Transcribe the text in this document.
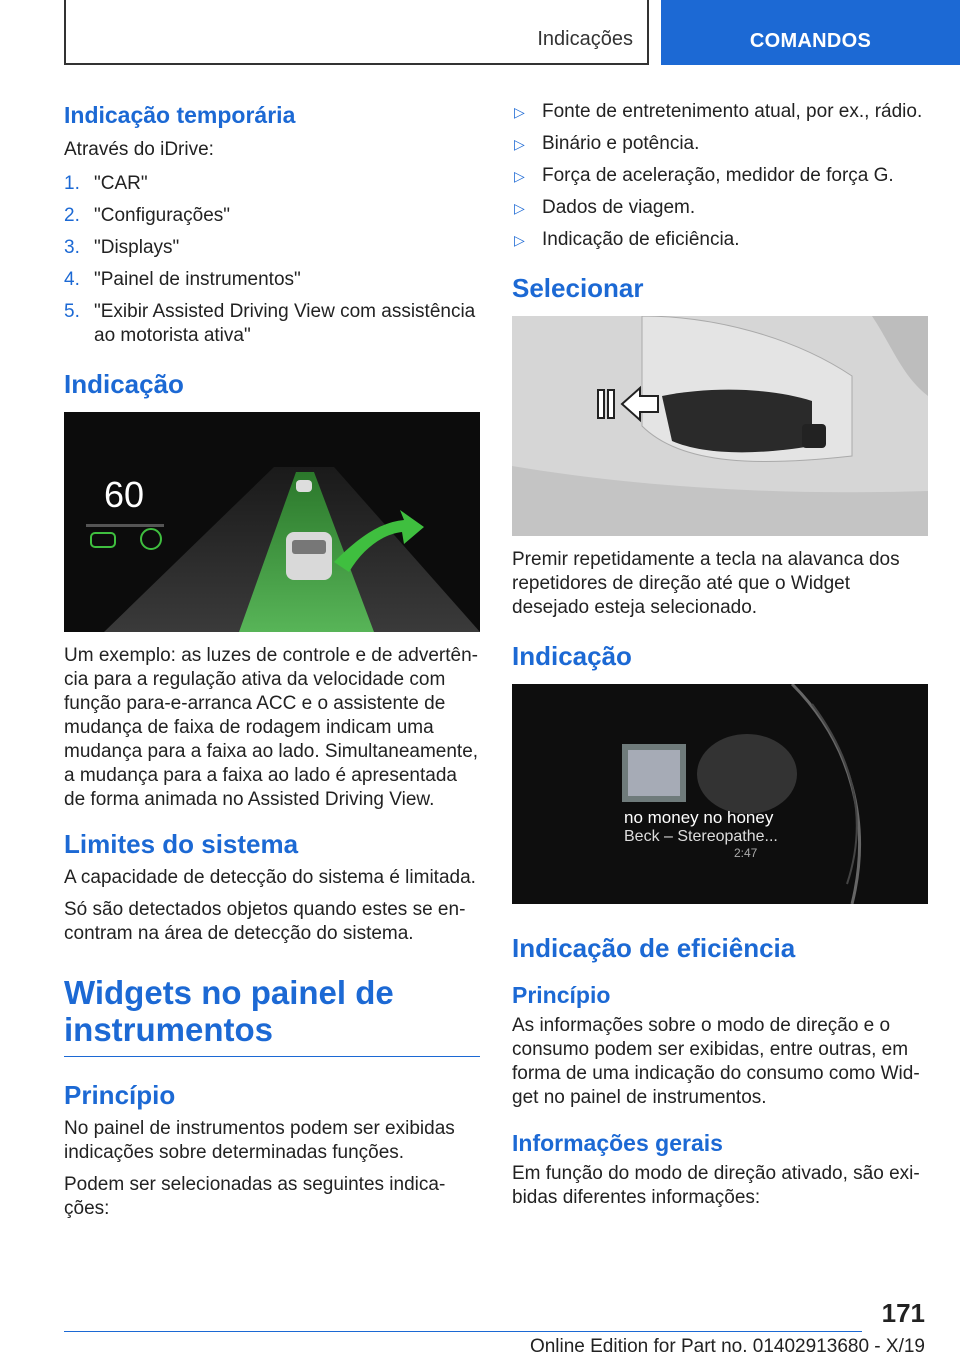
Indicações	COMANDOS
Indicação temporária

Através do iDrive:

1. "CAR"
2. "Configurações"
3. "Displays"
4. "Painel de instrumentos"
5. "Exibir Assisted Driving View com assistência ao motorista ativa"
Indicação
60

Um exemplo: as luzes de controle e de advertência para a regulação ativa da velocidade com função para-e-arranca ACC e o assistente de mudança de faixa de rodagem indicam uma mudança para a faixa ao lado. Simultaneamente, a mudança para a faixa ao lado é apresentada de forma animada no Assisted Driving View.

Limites do sistema

A capacidade de detecção do sistema é limitada.

Só são detectados objetos quando estes se encontram na área de detecção do sistema.

Widgets no painel de instrumentos
Princípio

No painel de instrumentos podem ser exibidas indicações sobre determinadas funções.

Podem ser selecionadas as seguintes indicações:

▷ Fonte de entretenimento atual, por ex., rádio.
▷ Binário e potência.
▷ Força de aceleração, medidor de força G.
▷ Dados de viagem.
▷ Indicação de eficiência.
Selecionar

Premir repetidamente a tecla na alavanca dos repetidores de direção até que o Widget desejado esteja selecionado.

Indicação
no money no honey
Beck – Stereopathe...
2:47
Indicação de eficiência
Princípio

As informações sobre o modo de direção e o consumo podem ser exibidas, entre outras, em forma de uma indicação do consumo como Widget no painel de instrumentos.

Informações gerais

Em função do modo de direção ativado, são exibidas diferentes informações:

171
Online Edition for Part no. 01402913680 - X/19
